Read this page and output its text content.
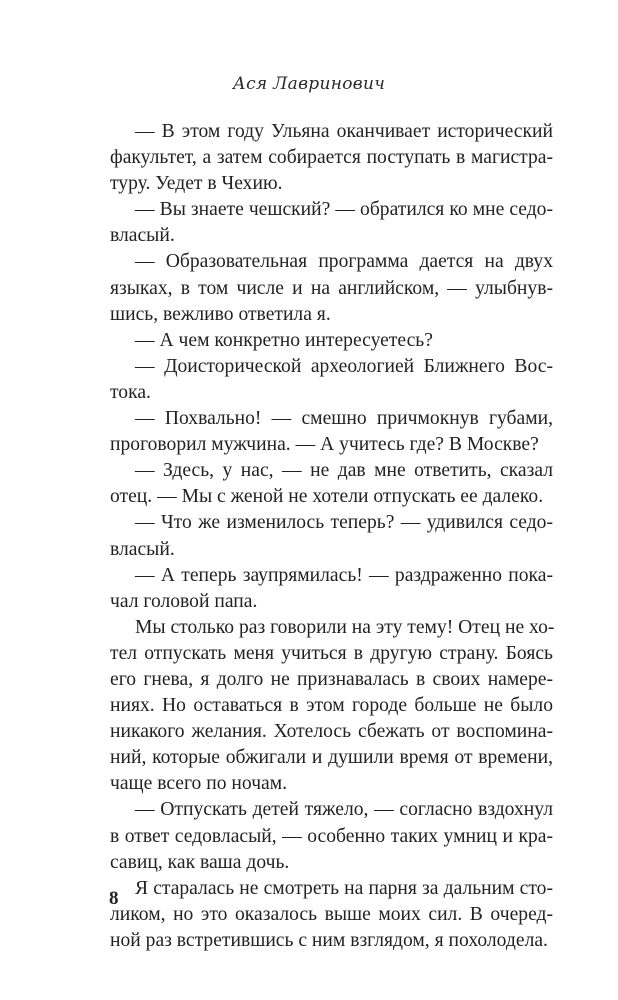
Ася Лавринович
— В этом году Ульяна оканчивает исторический
факультет, а затем собирается поступать в магистра-
туру. Уедет в Чехию.
— Вы знаете чешский? — обратился ко мне седо-
власый.
— Образовательная программа дается на двух
языках, в том числе и на английском, — улыбнув-
шись, вежливо ответила я.
— А чем конкретно интересуетесь?
— Доисторической археологией Ближнего Вос-
тока.
— Похвально! — смешно причмокнув губами,
проговорил мужчина. — А учитесь где? В Москве?
— Здесь, у нас, — не дав мне ответить, сказал
отец. — Мы с женой не хотели отпускать ее далеко.
— Что же изменилось теперь? — удивился седо-
власый.
— А теперь заупрямилась! — раздраженно пока-
чал головой папа.
Мы столько раз говорили на эту тему! Отец не хо-
тел отпускать меня учиться в другую страну. Боясь
его гнева, я долго не признавалась в своих намере-
ниях. Но оставаться в этом городе больше не было
никакого желания. Хотелось сбежать от воспомина-
ний, которые обжигали и душили время от времени,
чаще всего по ночам.
— Отпускать детей тяжело, — согласно вздохнул
в ответ седовласый, — особенно таких умниц и кра-
савиц, как ваша дочь.
Я старалась не смотреть на парня за дальним сто-
ликом, но это оказалось выше моих сил. В очеред-
ной раз встретившись с ним взглядом, я похолодела.
8
